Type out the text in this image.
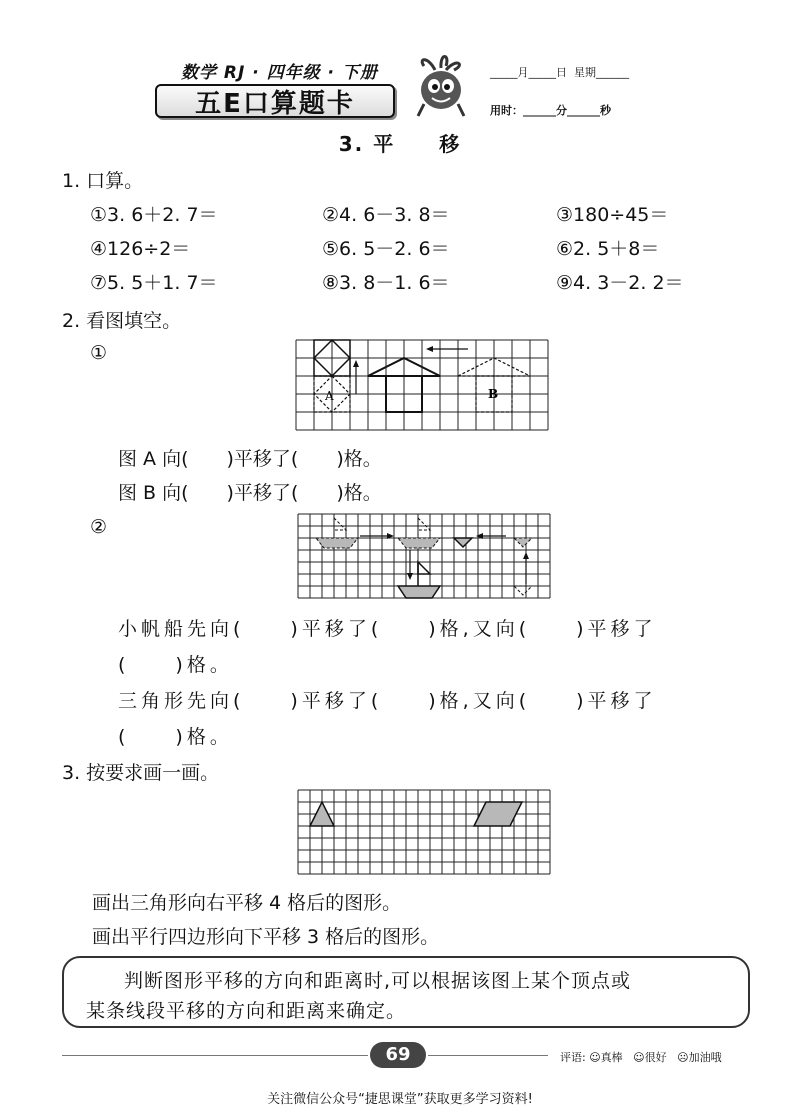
数学 RJ · 四年级 · 下册
五E口算题卡
_____月_____日  星期______
用时：______分______秒
3. 平　　移
1. 口算。
①3. 6＋2. 7＝	②4. 6－3. 8＝	③180÷45＝
④126÷2＝	⑤6. 5－2. 6＝	⑥2. 5＋8＝
⑦5. 5＋1. 7＝	⑧3. 8－1. 6＝	⑨4. 3－2. 2＝
2. 看图填空。
①
A	B
图 A 向(　　)平移了(　　)格。
图 B 向(　　)平移了(　　)格。
②
小帆船先向(　　)平移了(　　)格,又向(　　)平移了
(　　)格。
三角形先向(　　)平移了(　　)格,又向(　　)平移了
(　　)格。
3. 按要求画一画。
画出三角形向右平移 4 格后的图形。
画出平行四边形向下平移 3 格后的图形。
判断图形平移的方向和距离时,可以根据该图上某个顶点或
某条线段平移的方向和距离来确定。
69	评语: ☺真棒   ☺很好   ☹加油哦
关注微信公众号“捷思课堂”获取更多学习资料!
